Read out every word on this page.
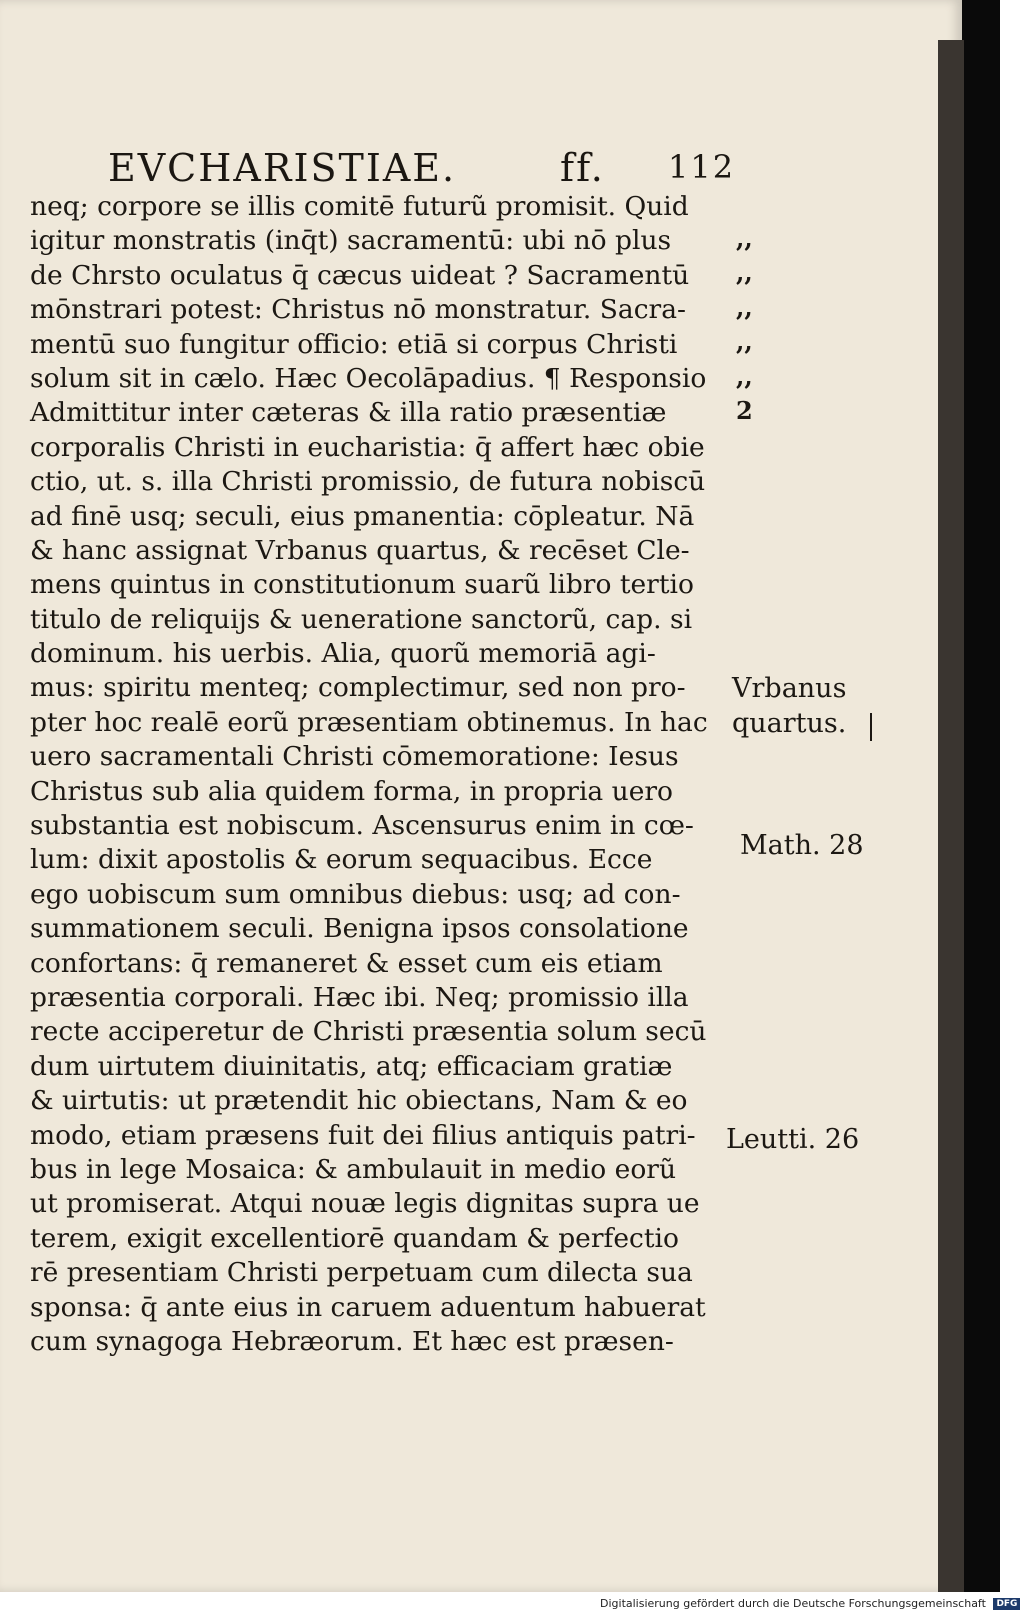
EVCHARISTIAE.	ff. 112
neq; corpore se illis comitē futurũ promisit. Quid
igitur monstratis (inq̄t) sacramentū: ubi nō plus
de Chrsto oculatus q̄ cæcus uideat ? Sacramentū
mōnstrari potest: Christus nō monstratur. Sacra-
mentū suo fungitur officio: etiā si corpus Christi
solum sit in cælo. Hæc Oecolāpadius. ¶ Responsio
Admittitur inter cæteras & illa ratio præsentiæ
corporalis Christi in eucharistia: q̄ affert hæc obie
ctio, ut. s. illa Christi promissio, de futura nobiscū
ad finē usq; seculi, eius pmanentia: cōpleatur. Nā
& hanc assignat Vrbanus quartus, & recēset Cle-
mens quintus in constitutionum suarũ libro tertio
titulo de reliquijs & ueneratione sanctorũ, cap. si
dominum. his uerbis. Alia, quorũ memoriā agi-
mus: spiritu menteq; complectimur, sed non pro-
pter hoc realē eorũ præsentiam obtinemus. In hac
uero sacramentali Christi cōmemoratione: Iesus
Christus sub alia quidem forma, in propria uero
substantia est nobiscum. Ascensurus enim in cœ-
lum: dixit apostolis & eorum sequacibus. Ecce
ego uobiscum sum omnibus diebus: usq; ad con-
summationem seculi. Benigna ipsos consolatione
confortans: q̄ remaneret & esset cum eis etiam
præsentia corporali. Hæc ibi. Neq; promissio illa
recte acciperetur de Christi præsentia solum secū
dum uirtutem diuinitatis, atq; efficaciam gratiæ
& uirtutis: ut prætendit hic obiectans, Nam & eo
modo, etiam præsens fuit dei filius antiquis patri-
bus in lege Mosaica: & ambulauit in medio eorũ
ut promiserat. Atqui nouæ legis dignitas supra ue
terem, exigit excellentiorē quandam & perfectio
rē presentiam Christi perpetuam cum dilecta sua
sponsa: q̄ ante eius in caruem aduentum habuerat
cum synagoga Hebræorum. Et hæc est præsen-
,,
,,
,,
,,
,,
2
Vrbanus
quartus.
Math. 28
Leutti. 26
Digitalisierung gefördert durch die Deutsche Forschungsgemeinschaft DFG
